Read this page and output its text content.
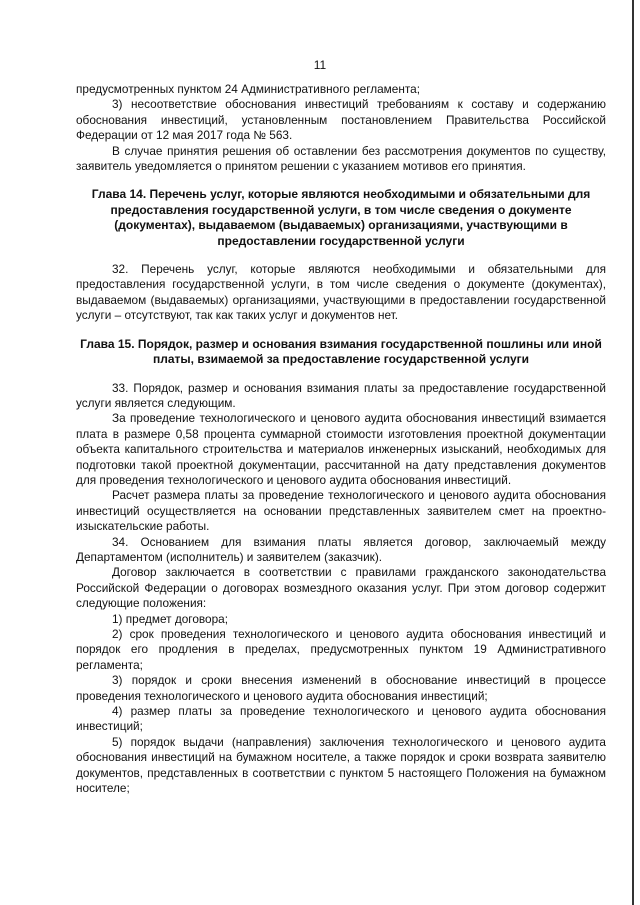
11

предусмотренных пунктом 24 Административного регламента;

3) несоответствие обоснования инвестиций требованиям к составу и содержанию обоснования инвестиций, установленным постановлением Правительства Российской Федерации от 12 мая 2017 года № 563.

В случае принятия решения об оставлении без рассмотрения документов по существу, заявитель уведомляется о принятом решении с указанием мотивов его принятия.

Глава 14. Перечень услуг, которые являются необходимыми и обязательными для предоставления государственной услуги, в том числе сведения о документе (документах), выдаваемом (выдаваемых) организациями, участвующими в предоставлении государственной услуги

32. Перечень услуг, которые являются необходимыми и обязательными для предоставления государственной услуги, в том числе сведения о документе (документах), выдаваемом (выдаваемых) организациями, участвующими в предоставлении государственной услуги – отсутствуют, так как таких услуг и документов нет.

Глава 15. Порядок, размер и основания взимания государственной пошлины или иной платы, взимаемой за предоставление государственной услуги

33. Порядок, размер и основания взимания платы за предоставление государственной услуги является следующим.

За проведение технологического и ценового аудита обоснования инвестиций взимается плата в размере 0,58 процента суммарной стоимости изготовления проектной документации объекта капитального строительства и материалов инженерных изысканий, необходимых для подготовки такой проектной документации, рассчитанной на дату представления документов для проведения технологического и ценового аудита обоснования инвестиций.

Расчет размера платы за проведение технологического и ценового аудита обоснования инвестиций осуществляется на основании представленных заявителем смет на проектно-изыскательские работы.

34. Основанием для взимания платы является договор, заключаемый между Департаментом (исполнитель) и заявителем (заказчик).

Договор заключается в соответствии с правилами гражданского законодательства Российской Федерации о договорах возмездного оказания услуг. При этом договор содержит следующие положения:

1) предмет договора;

2) срок проведения технологического и ценового аудита обоснования инвестиций и порядок его продления в пределах, предусмотренных пунктом 19 Административного регламента;

3) порядок и сроки внесения изменений в обоснование инвестиций в процессе проведения технологического и ценового аудита обоснования инвестиций;

4) размер платы за проведение технологического и ценового аудита обоснования инвестиций;

5) порядок выдачи (направления) заключения технологического и ценового аудита обоснования инвестиций на бумажном носителе, а также порядок и сроки возврата заявителю документов, представленных в соответствии с пунктом 5 настоящего Положения на бумажном носителе;
